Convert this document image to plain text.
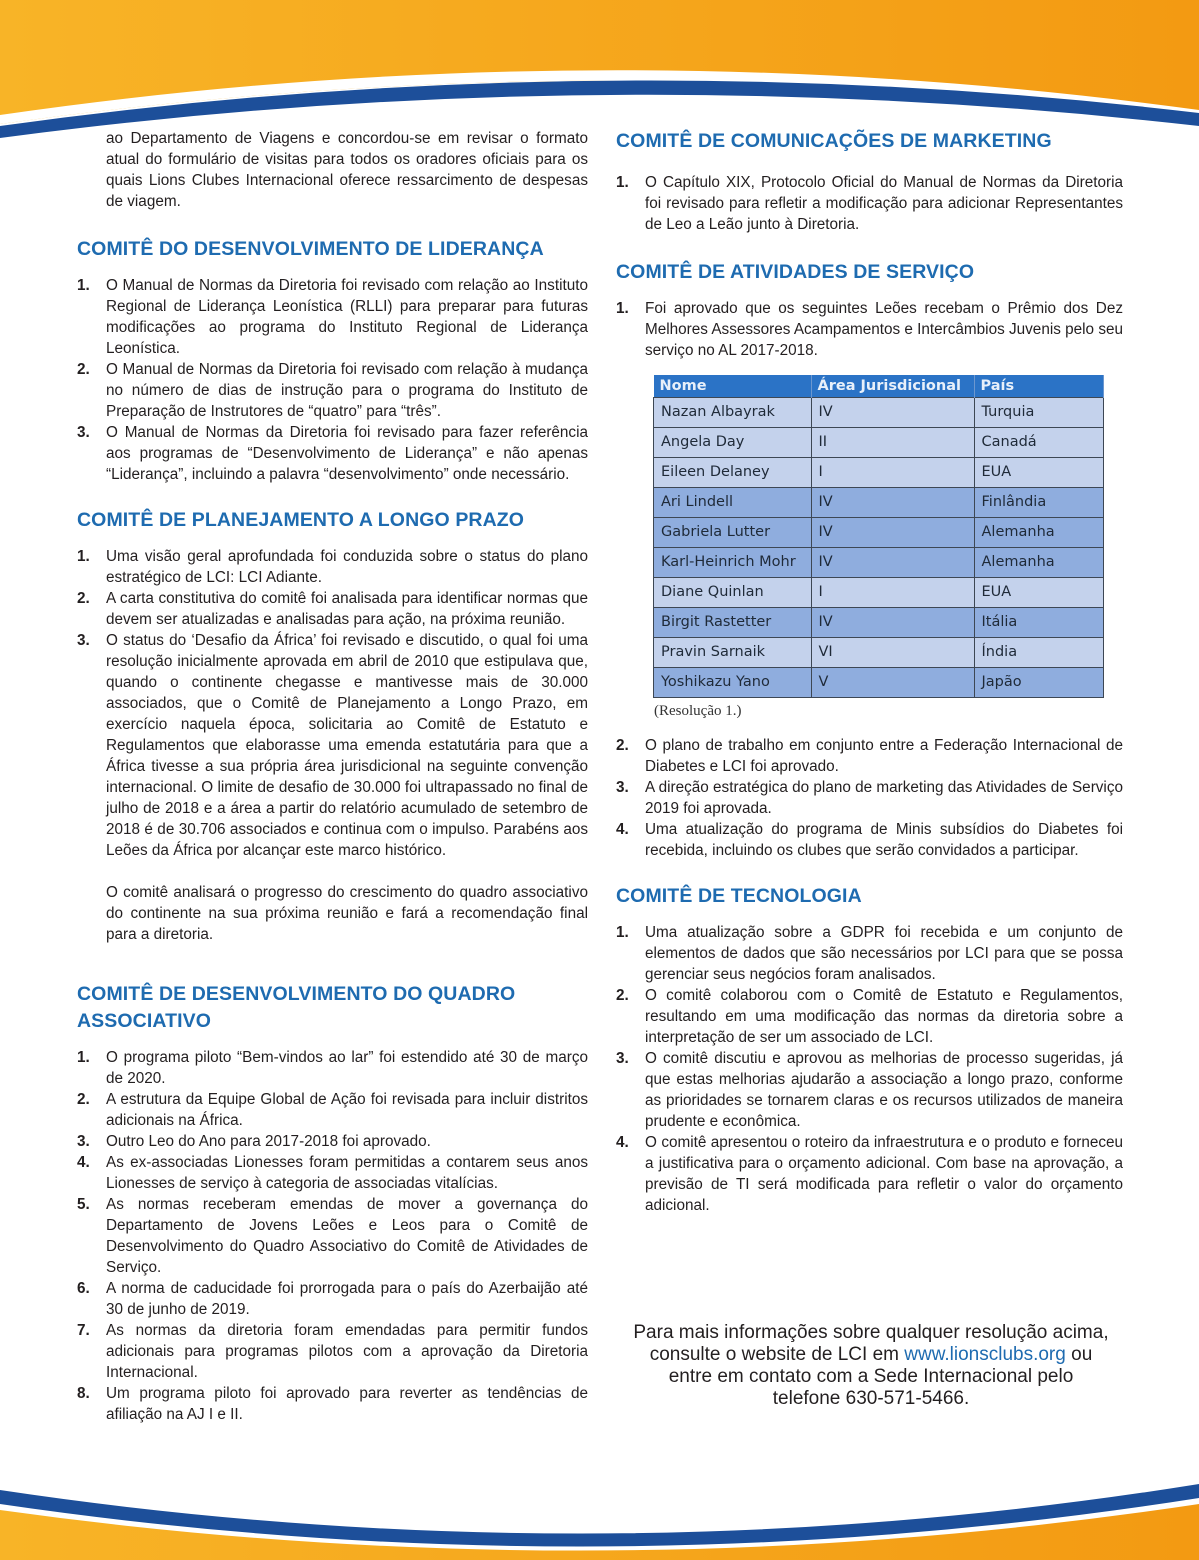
ao Departamento de Viagens e concordou-se em revisar o formato atual do formulário de visitas para todos os oradores oficiais para os quais Lions Clubes Internacional oferece ressarcimento de despesas de viagem.

COMITÊ DO DESENVOLVIMENTO DE LIDERANÇA
1. O Manual de Normas da Diretoria foi revisado com relação ao Instituto Regional de Liderança Leonística (RLLI) para preparar para futuras modificações ao programa do Instituto Regional de Liderança Leonística.
2. O Manual de Normas da Diretoria foi revisado com relação à mudança no número de dias de instrução para o programa do Instituto de Preparação de Instrutores de “quatro” para “três”.
3. O Manual de Normas da Diretoria foi revisado para fazer referência aos programas de “Desenvolvimento de Liderança” e não apenas “Liderança”, incluindo a palavra “desenvolvimento” onde necessário.
COMITÊ DE PLANEJAMENTO A LONGO PRAZO
1. Uma visão geral aprofundada foi conduzida sobre o status do plano estratégico de LCI: LCI Adiante.
2. A carta constitutiva do comitê foi analisada para identificar normas que devem ser atualizadas e analisadas para ação, na próxima reunião.
3. O status do ‘Desafio da África’ foi revisado e discutido, o qual foi uma resolução inicialmente aprovada em abril de 2010 que estipulava que, quando o continente chegasse e mantivesse mais de 30.000 associados, que o Comitê de Planejamento a Longo Prazo, em exercício naquela época, solicitaria ao Comitê de Estatuto e Regulamentos que elaborasse uma emenda estatutária para que a África tivesse a sua própria área jurisdicional na seguinte convenção internacional. O limite de desafio de 30.000 foi ultrapassado no final de julho de 2018 e a área a partir do relatório acumulado de setembro de 2018 é de 30.706 associados e continua com o impulso. Parabéns aos Leões da África por alcançar este marco histórico.

O comitê analisará o progresso do crescimento do quadro associativo do continente na sua próxima reunião e fará a recomendação final para a diretoria.

COMITÊ DE DESENVOLVIMENTO DO QUADRO ASSOCIATIVO
1. O programa piloto “Bem-vindos ao lar” foi estendido até 30 de março de 2020.
2. A estrutura da Equipe Global de Ação foi revisada para incluir distritos adicionais na África.
3. Outro Leo do Ano para 2017-2018 foi aprovado.
4. As ex-associadas Lionesses foram permitidas a contarem seus anos Lionesses de serviço à categoria de associadas vitalícias.
5. As normas receberam emendas de mover a governança do Departamento de Jovens Leões e Leos para o Comitê de Desenvolvimento do Quadro Associativo do Comitê de Atividades de Serviço.
6. A norma de caducidade foi prorrogada para o país do Azerbaijão até 30 de junho de 2019.
7. As normas da diretoria foram emendadas para permitir fundos adicionais para programas pilotos com a aprovação da Diretoria Internacional.
8. Um programa piloto foi aprovado para reverter as tendências de afiliação na AJ I e II.
COMITÊ DE COMUNICAÇÕES DE MARKETING
1. O Capítulo XIX, Protocolo Oficial do Manual de Normas da Diretoria foi revisado para refletir a modificação para adicionar Representantes de Leo a Leão junto à Diretoria.
COMITÊ DE ATIVIDADES DE SERVIÇO
1. Foi aprovado que os seguintes Leões recebam o Prêmio dos Dez Melhores Assessores Acampamentos e Intercâmbios Juvenis pelo seu serviço no AL 2017-2018.
Nome	Área Jurisdicional	País
Nazan Albayrak	IV	Turquia
Angela Day	II	Canadá
Eileen Delaney	I	EUA
Ari Lindell	IV	Finlândia
Gabriela Lutter	IV	Alemanha
Karl-Heinrich Mohr	IV	Alemanha
Diane Quinlan	I	EUA
Birgit Rastetter	IV	Itália
Pravin Sarnaik	VI	Índia
Yoshikazu Yano	V	Japão
(Resolução 1.)
2. O plano de trabalho em conjunto entre a Federação Internacional de Diabetes e LCI foi aprovado.
3. A direção estratégica do plano de marketing das Atividades de Serviço 2019 foi aprovada.
4. Uma atualização do programa de Minis subsídios do Diabetes foi recebida, incluindo os clubes que serão convidados a participar.
COMITÊ DE TECNOLOGIA
1. Uma atualização sobre a GDPR foi recebida e um conjunto de elementos de dados que são necessários por LCI para que se possa gerenciar seus negócios foram analisados.
2. O comitê colaborou com o Comitê de Estatuto e Regulamentos, resultando em uma modificação das normas da diretoria sobre a interpretação de ser um associado de LCI.
3. O comitê discutiu e aprovou as melhorias de processo sugeridas, já que estas melhorias ajudarão a associação a longo prazo, conforme as prioridades se tornarem claras e os recursos utilizados de maneira prudente e econômica.
4. O comitê apresentou o roteiro da infraestrutura e o produto e forneceu a justificativa para o orçamento adicional. Com base na aprovação, a previsão de TI será modificada para refletir o valor do orçamento adicional.
Para mais informações sobre qualquer resolução acima,
consulte o website de LCI em www.lionsclubs.org ou
entre em contato com a Sede Internacional pelo
telefone 630-571-5466.
